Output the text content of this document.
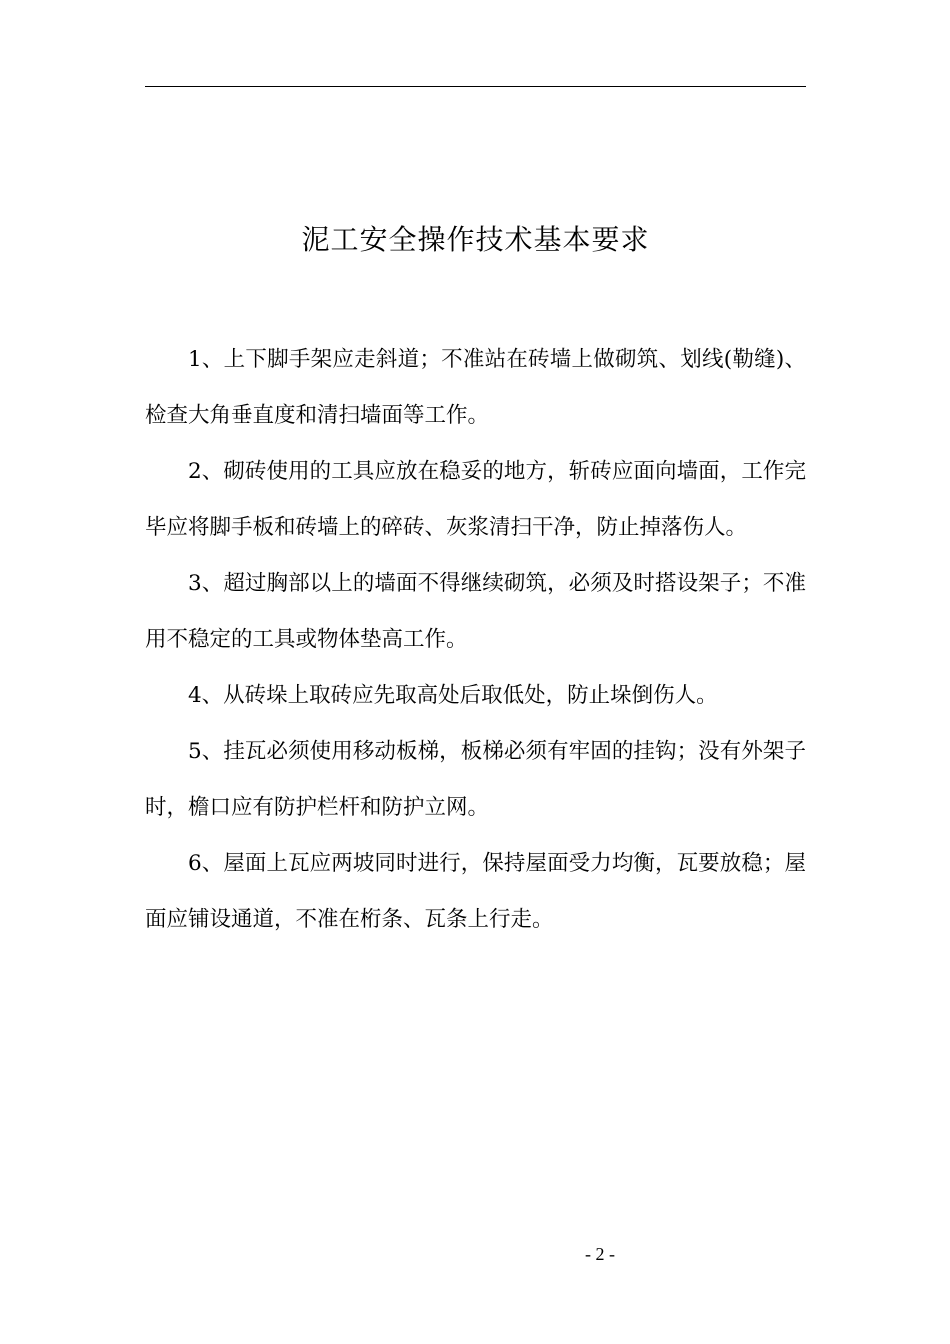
泥工安全操作技术基本要求

1、上下脚手架应走斜道；不准站在砖墙上做砌筑、划线(勒缝)、检查大角垂直度和清扫墙面等工作。

2、砌砖使用的工具应放在稳妥的地方，斩砖应面向墙面，工作完毕应将脚手板和砖墙上的碎砖、灰浆清扫干净，防止掉落伤人。

3、超过胸部以上的墙面不得继续砌筑，必须及时搭设架子；不准用不稳定的工具或物体垫高工作。

4、从砖垛上取砖应先取高处后取低处，防止垛倒伤人。

5、挂瓦必须使用移动板梯，板梯必须有牢固的挂钩；没有外架子时，檐口应有防护栏杆和防护立网。

6、屋面上瓦应两坡同时进行，保持屋面受力均衡，瓦要放稳；屋面应铺设通道，不准在桁条、瓦条上行走。

- 2 -
